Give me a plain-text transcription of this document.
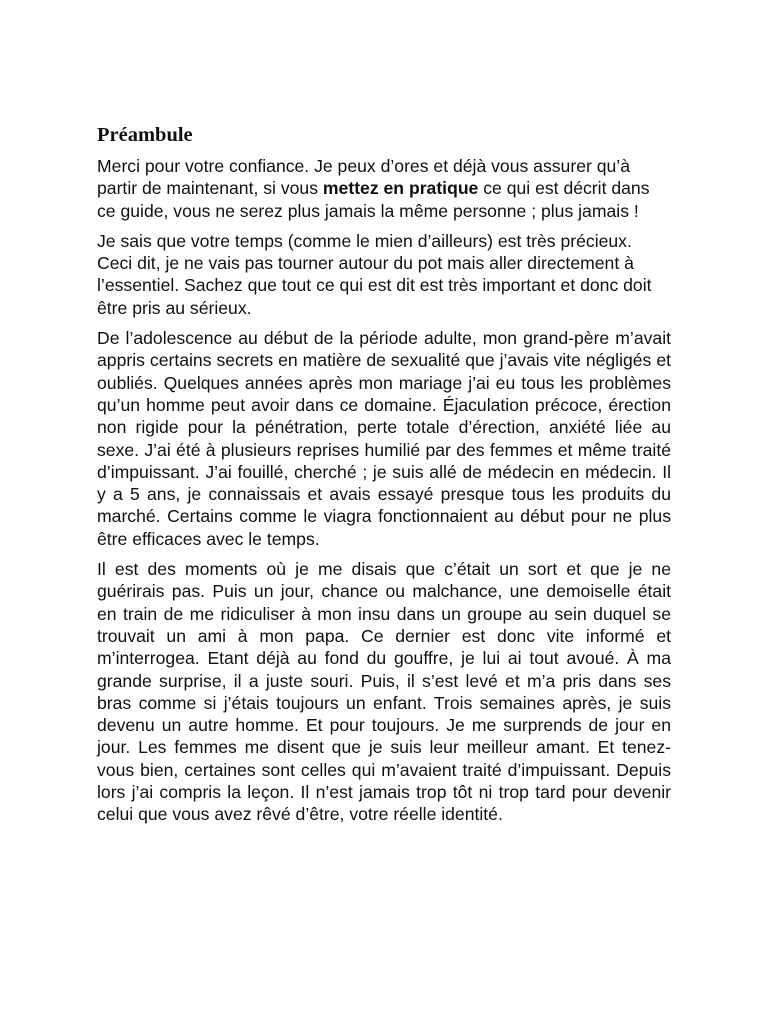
Préambule

Merci pour votre confiance. Je peux d’ores et déjà vous assurer qu’à partir de maintenant, si vous mettez en pratique ce qui est décrit dans ce guide, vous ne serez plus jamais la même personne ; plus jamais !

Je sais que votre temps (comme le mien d’ailleurs) est très précieux. Ceci dit, je ne vais pas tourner autour du pot mais aller directement à l’essentiel. Sachez que tout ce qui est dit est très important et donc doit être pris au sérieux.

De l’adolescence au début de la période adulte, mon grand-père m’avait appris certains secrets en matière de sexualité que j’avais vite négligés et oubliés. Quelques années après mon mariage j’ai eu tous les problèmes qu’un homme peut avoir dans ce domaine. Éjaculation précoce, érection non rigide pour la pénétration, perte totale d’érection, anxiété liée au sexe. J’ai été à plusieurs reprises humilié par des femmes et même traité d’impuissant. J’ai fouillé, cherché ; je suis allé de médecin en médecin. Il y a 5 ans, je connaissais et avais essayé presque tous les produits du marché. Certains comme le viagra fonctionnaient au début pour ne plus être efficaces avec le temps.

Il est des moments où je me disais que c’était un sort et que je ne guérirais pas. Puis un jour, chance ou malchance, une demoiselle était en train de me ridiculiser à mon insu dans un groupe au sein duquel se trouvait un ami à mon papa. Ce dernier est donc vite informé et m’interrogea. Etant déjà au fond du gouffre, je lui ai tout avoué. À ma grande surprise, il a juste souri. Puis, il s’est levé et m’a pris dans ses bras comme si j’étais toujours un enfant. Trois semaines après, je suis devenu un autre homme. Et pour toujours. Je me surprends de jour en jour. Les femmes me disent que je suis leur meilleur amant. Et tenez-vous bien, certaines sont celles qui m’avaient traité d’impuissant. Depuis lors j’ai compris la leçon. Il n’est jamais trop tôt ni trop tard pour devenir celui que vous avez rêvé d’être, votre réelle identité.
